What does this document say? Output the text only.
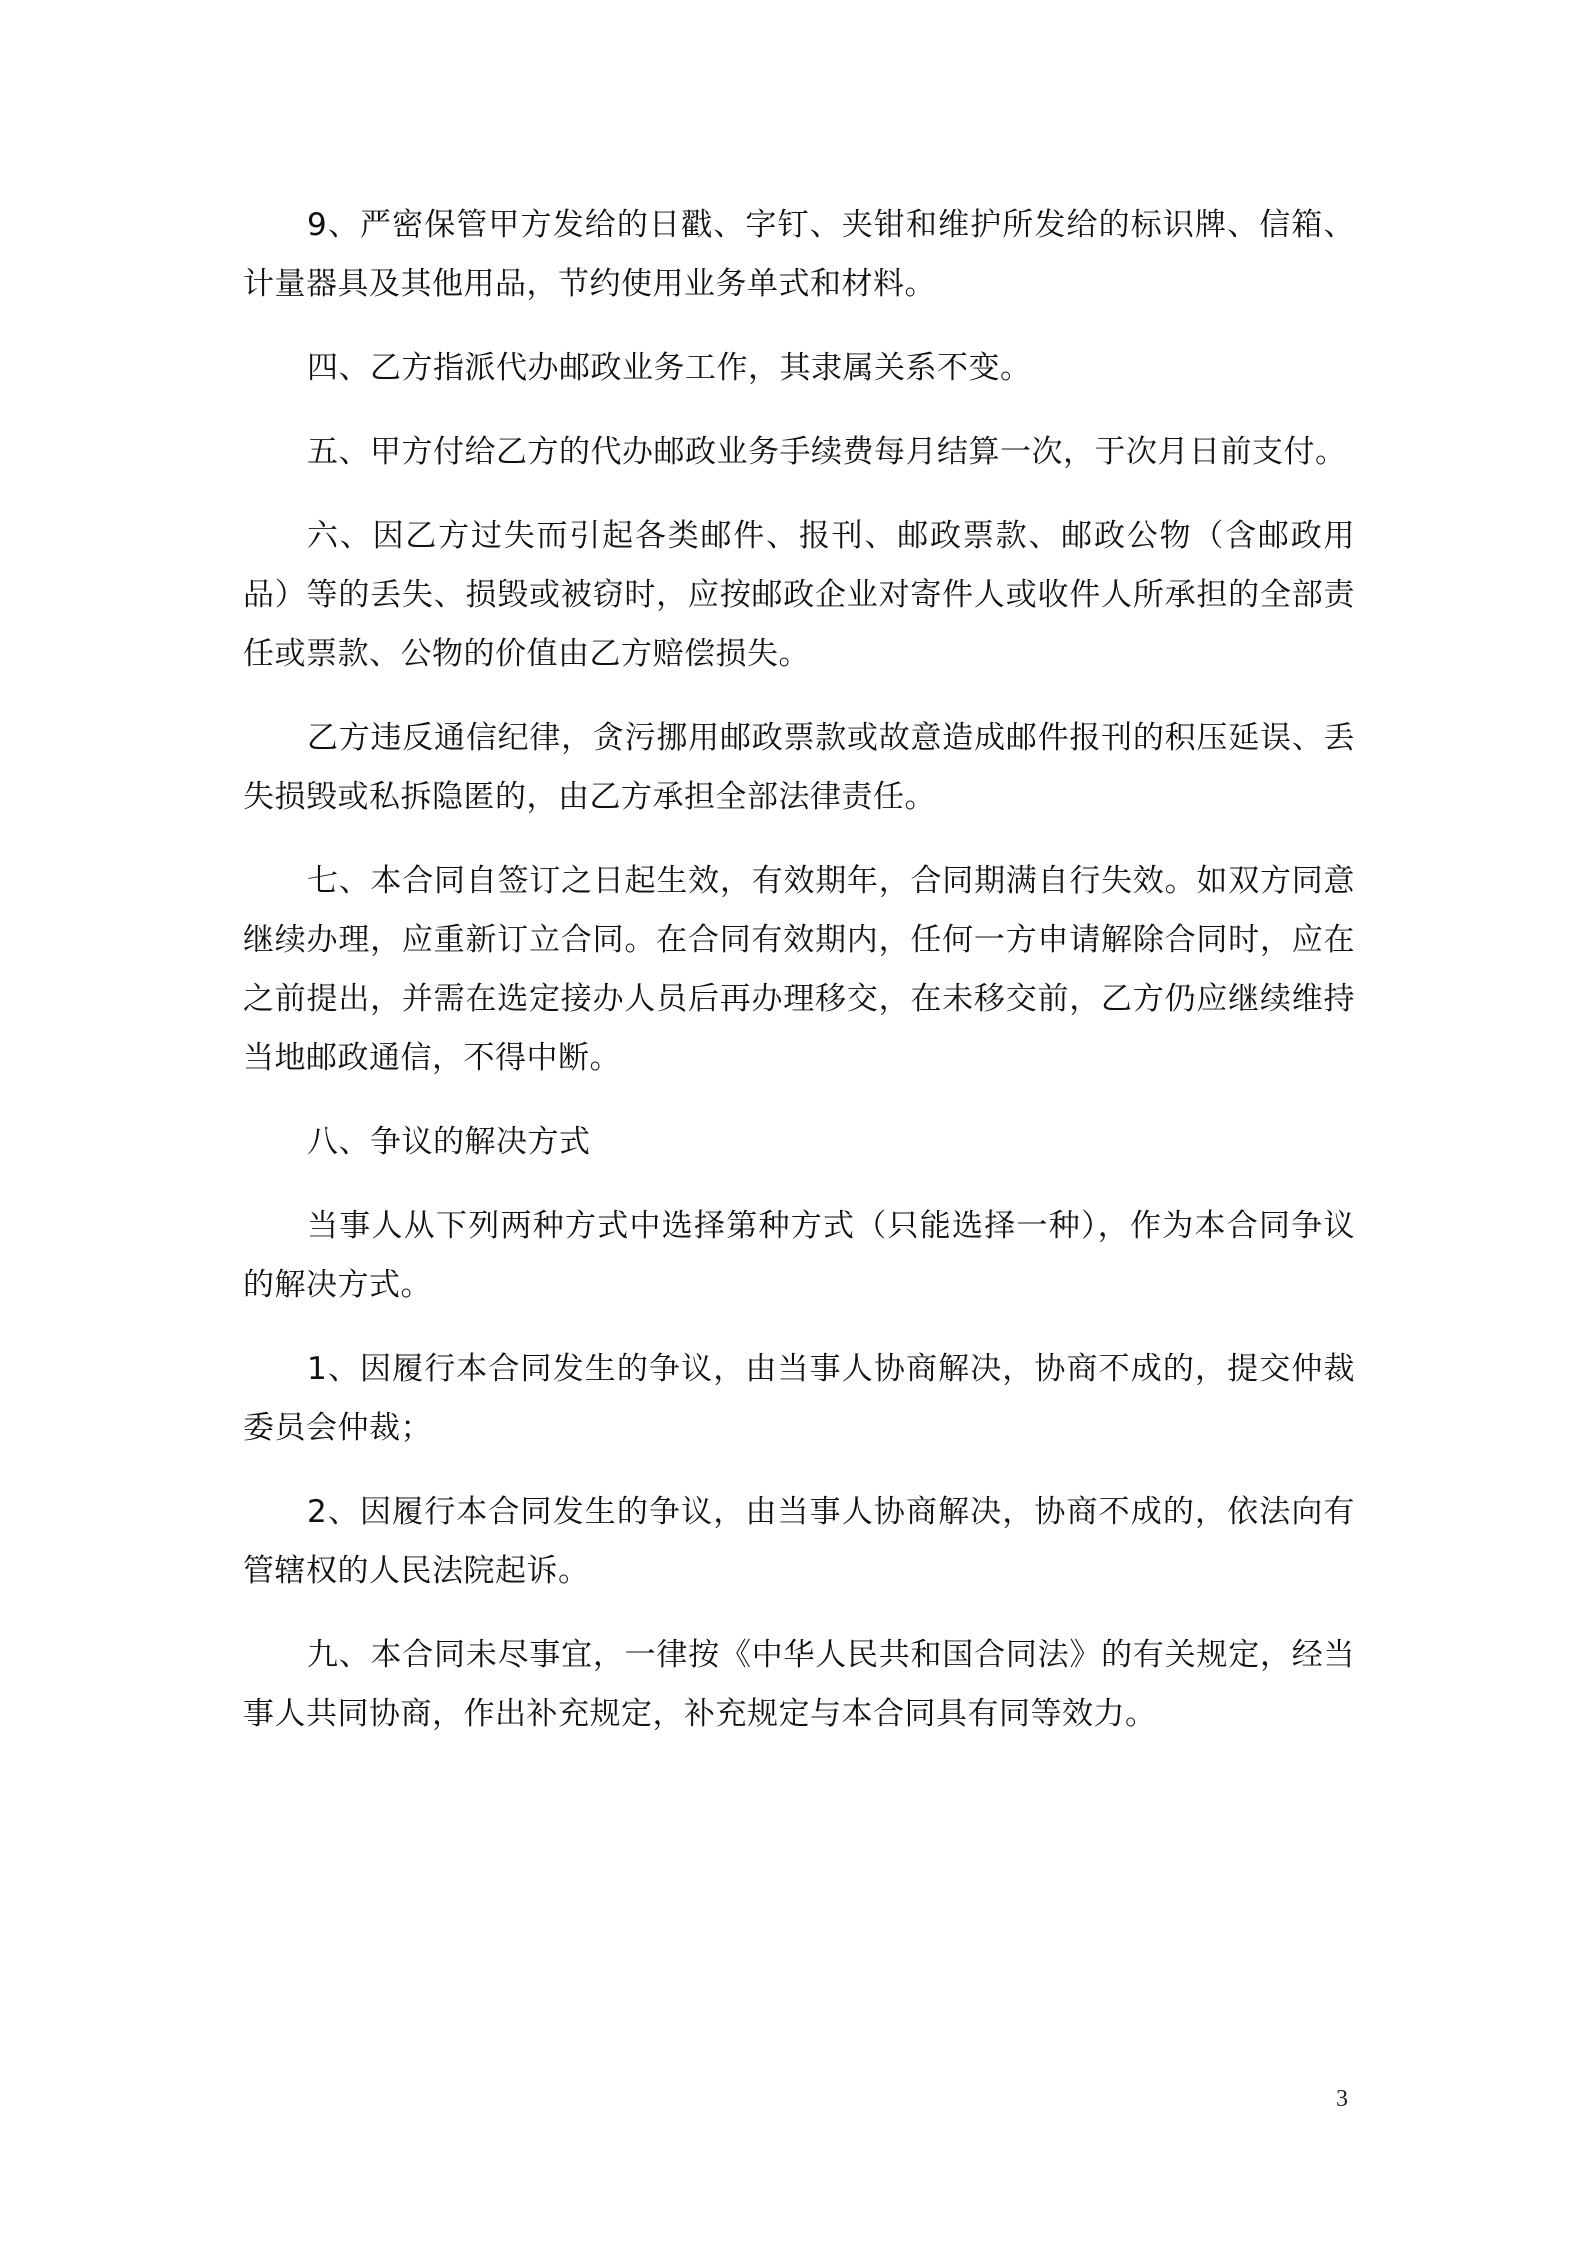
9、严密保管甲方发给的日戳、字钉、夹钳和维护所发给的标识牌、信箱、计量器具及其他用品，节约使用业务单式和材料。

四、乙方指派代办邮政业务工作，其隶属关系不变。

五、甲方付给乙方的代办邮政业务手续费每月结算一次，于次月日前支付。

六、因乙方过失而引起各类邮件、报刊、邮政票款、邮政公物（含邮政用品）等的丢失、损毁或被窃时，应按邮政企业对寄件人或收件人所承担的全部责任或票款、公物的价值由乙方赔偿损失。

乙方违反通信纪律，贪污挪用邮政票款或故意造成邮件报刊的积压延误、丢失损毁或私拆隐匿的，由乙方承担全部法律责任。

七、本合同自签订之日起生效，有效期年，合同期满自行失效。如双方同意继续办理，应重新订立合同。在合同有效期内，任何一方申请解除合同时，应在之前提出，并需在选定接办人员后再办理移交，在未移交前，乙方仍应继续维持当地邮政通信，不得中断。

八、争议的解决方式

当事人从下列两种方式中选择第种方式（只能选择一种），作为本合同争议的解决方式。

1、因履行本合同发生的争议，由当事人协商解决，协商不成的，提交仲裁委员会仲裁；

2、因履行本合同发生的争议，由当事人协商解决，协商不成的，依法向有管辖权的人民法院起诉。

九、本合同未尽事宜，一律按《中华人民共和国合同法》的有关规定，经当事人共同协商，作出补充规定，补充规定与本合同具有同等效力。

3
